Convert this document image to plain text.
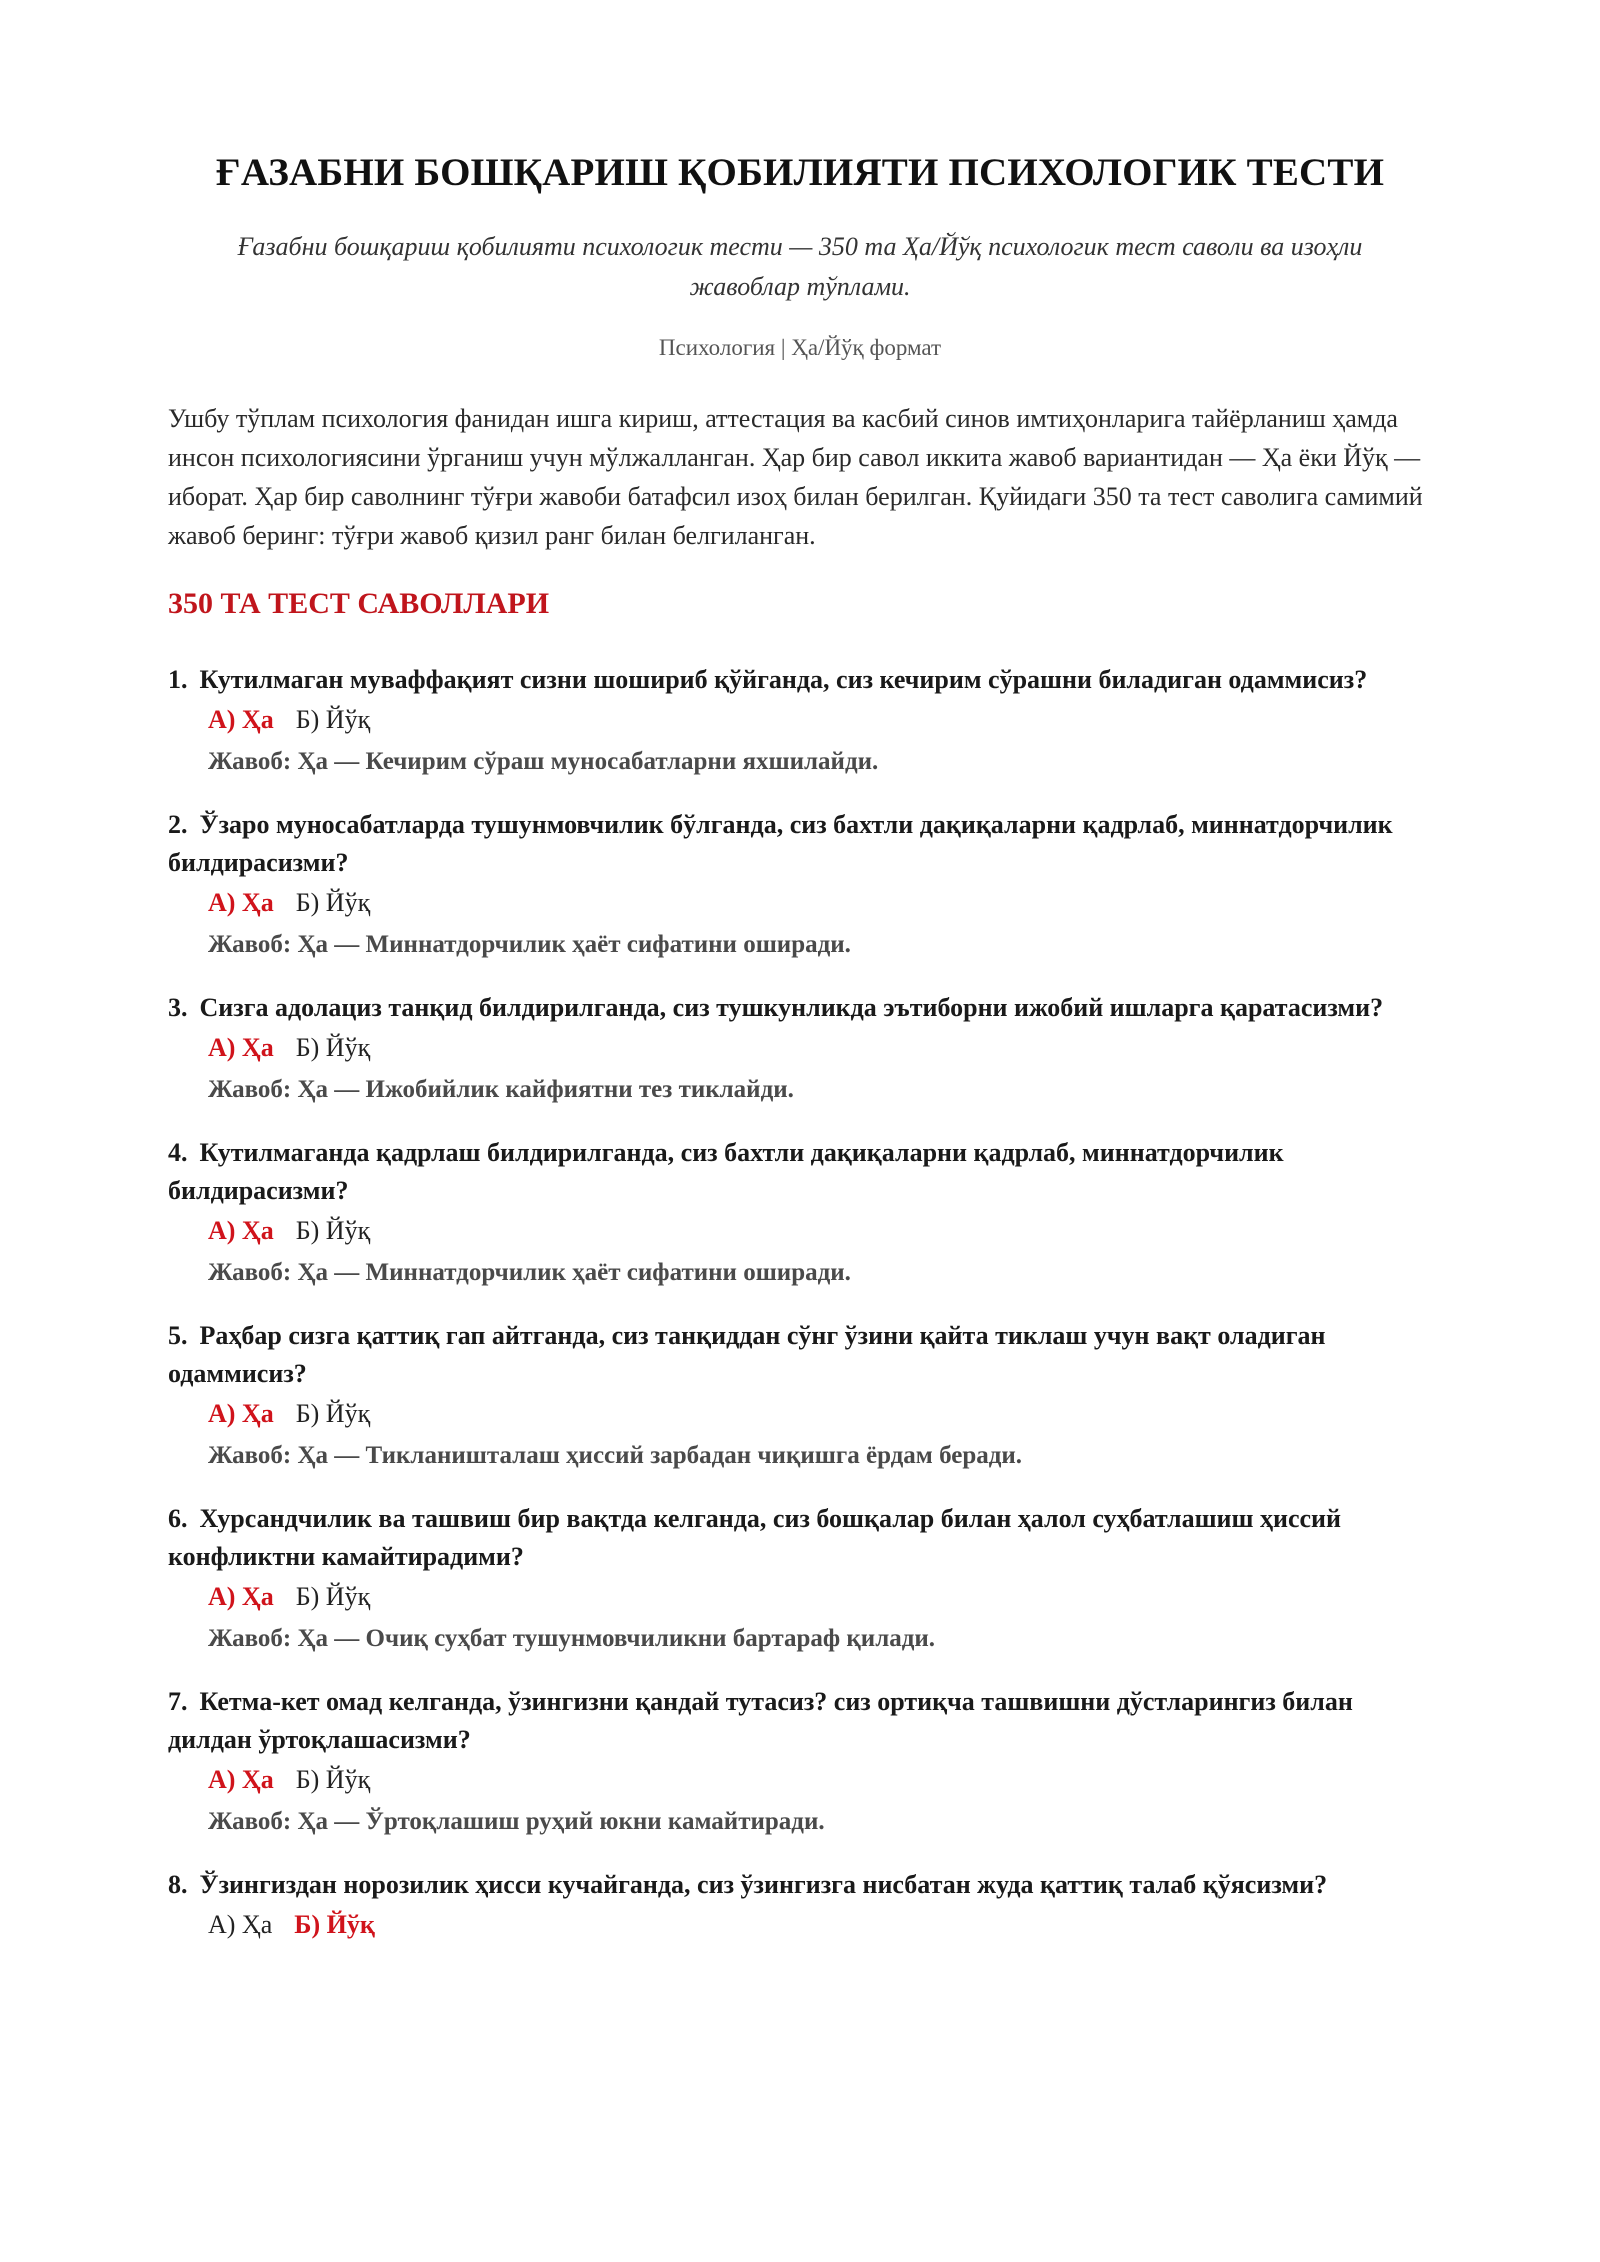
ҒАЗАБНИ БОШҚАРИШ ҚОБИЛИЯТИ ПСИХОЛОГИК ТЕСТИ
Ғазабни бошқариш қобилияти психологик тести — 350 та Ҳа/Йўқ психологик тест саволи ва изоҳли жавоблар тўплами.
Психология | Ҳа/Йўқ формат

Ушбу тўплам психология фанидан ишга кириш, аттестация ва касбий синов имтиҳонларига тайёрланиш ҳамда инсон психологиясини ўрганиш учун мўлжалланган. Ҳар бир савол иккита жавоб вариантидан — Ҳа ёки Йўқ — иборат. Ҳар бир саволнинг тўғри жавоби батафсил изоҳ билан берилган. Қуйидаги 350 та тест саволига самимий жавоб беринг: тўғри жавоб қизил ранг билан белгиланган.

350 ТА ТЕСТ САВОЛЛАРИ
1. Кутилмаган муваффақият сизни шошириб қўйганда, сиз кечирим сўрашни биладиган одаммисиз?
А) Ҳа Б) Йўқ
Жавоб: Ҳа — Кечирим сўраш муносабатларни яхшилайди.
2. Ўзаро муносабатларда тушунмовчилик бўлганда, сиз бахтли дақиқаларни қадрлаб, миннатдорчилик билдирасизми?
А) Ҳа Б) Йўқ
Жавоб: Ҳа — Миннатдорчилик ҳаёт сифатини оширади.
3. Сизга адолациз танқид билдирилганда, сиз тушкунликда эътиборни ижобий ишларга қаратасизми?
А) Ҳа Б) Йўқ
Жавоб: Ҳа — Ижобийлик кайфиятни тез тиклайди.
4. Кутилмаганда қадрлаш билдирилганда, сиз бахтли дақиқаларни қадрлаб, миннатдорчилик билдирасизми?
А) Ҳа Б) Йўқ
Жавоб: Ҳа — Миннатдорчилик ҳаёт сифатини оширади.
5. Раҳбар сизга қаттиқ гап айтганда, сиз танқиддан сўнг ўзини қайта тиклаш учун вақт оладиган одаммисиз?
А) Ҳа Б) Йўқ
Жавоб: Ҳа — Тикланишталаш ҳиссий зарбадан чиқишга ёрдам беради.
6. Хурсандчилик ва ташвиш бир вақтда келганда, сиз бошқалар билан ҳалол суҳбатлашиш ҳиссий конфликтни камайтирадими?
А) Ҳа Б) Йўқ
Жавоб: Ҳа — Очиқ суҳбат тушунмовчиликни бартараф қилади.
7. Кетма-кет омад келганда, ўзингизни қандай тутасиз? сиз ортиқча ташвишни дўстларингиз билан дилдан ўртоқлашасизми?
А) Ҳа Б) Йўқ
Жавоб: Ҳа — Ўртоқлашиш руҳий юкни камайтиради.
8. Ўзингиздан норозилик ҳисси кучайганда, сиз ўзингизга нисбатан жуда қаттиқ талаб қўясизми?
А) Ҳа Б) Йўқ
